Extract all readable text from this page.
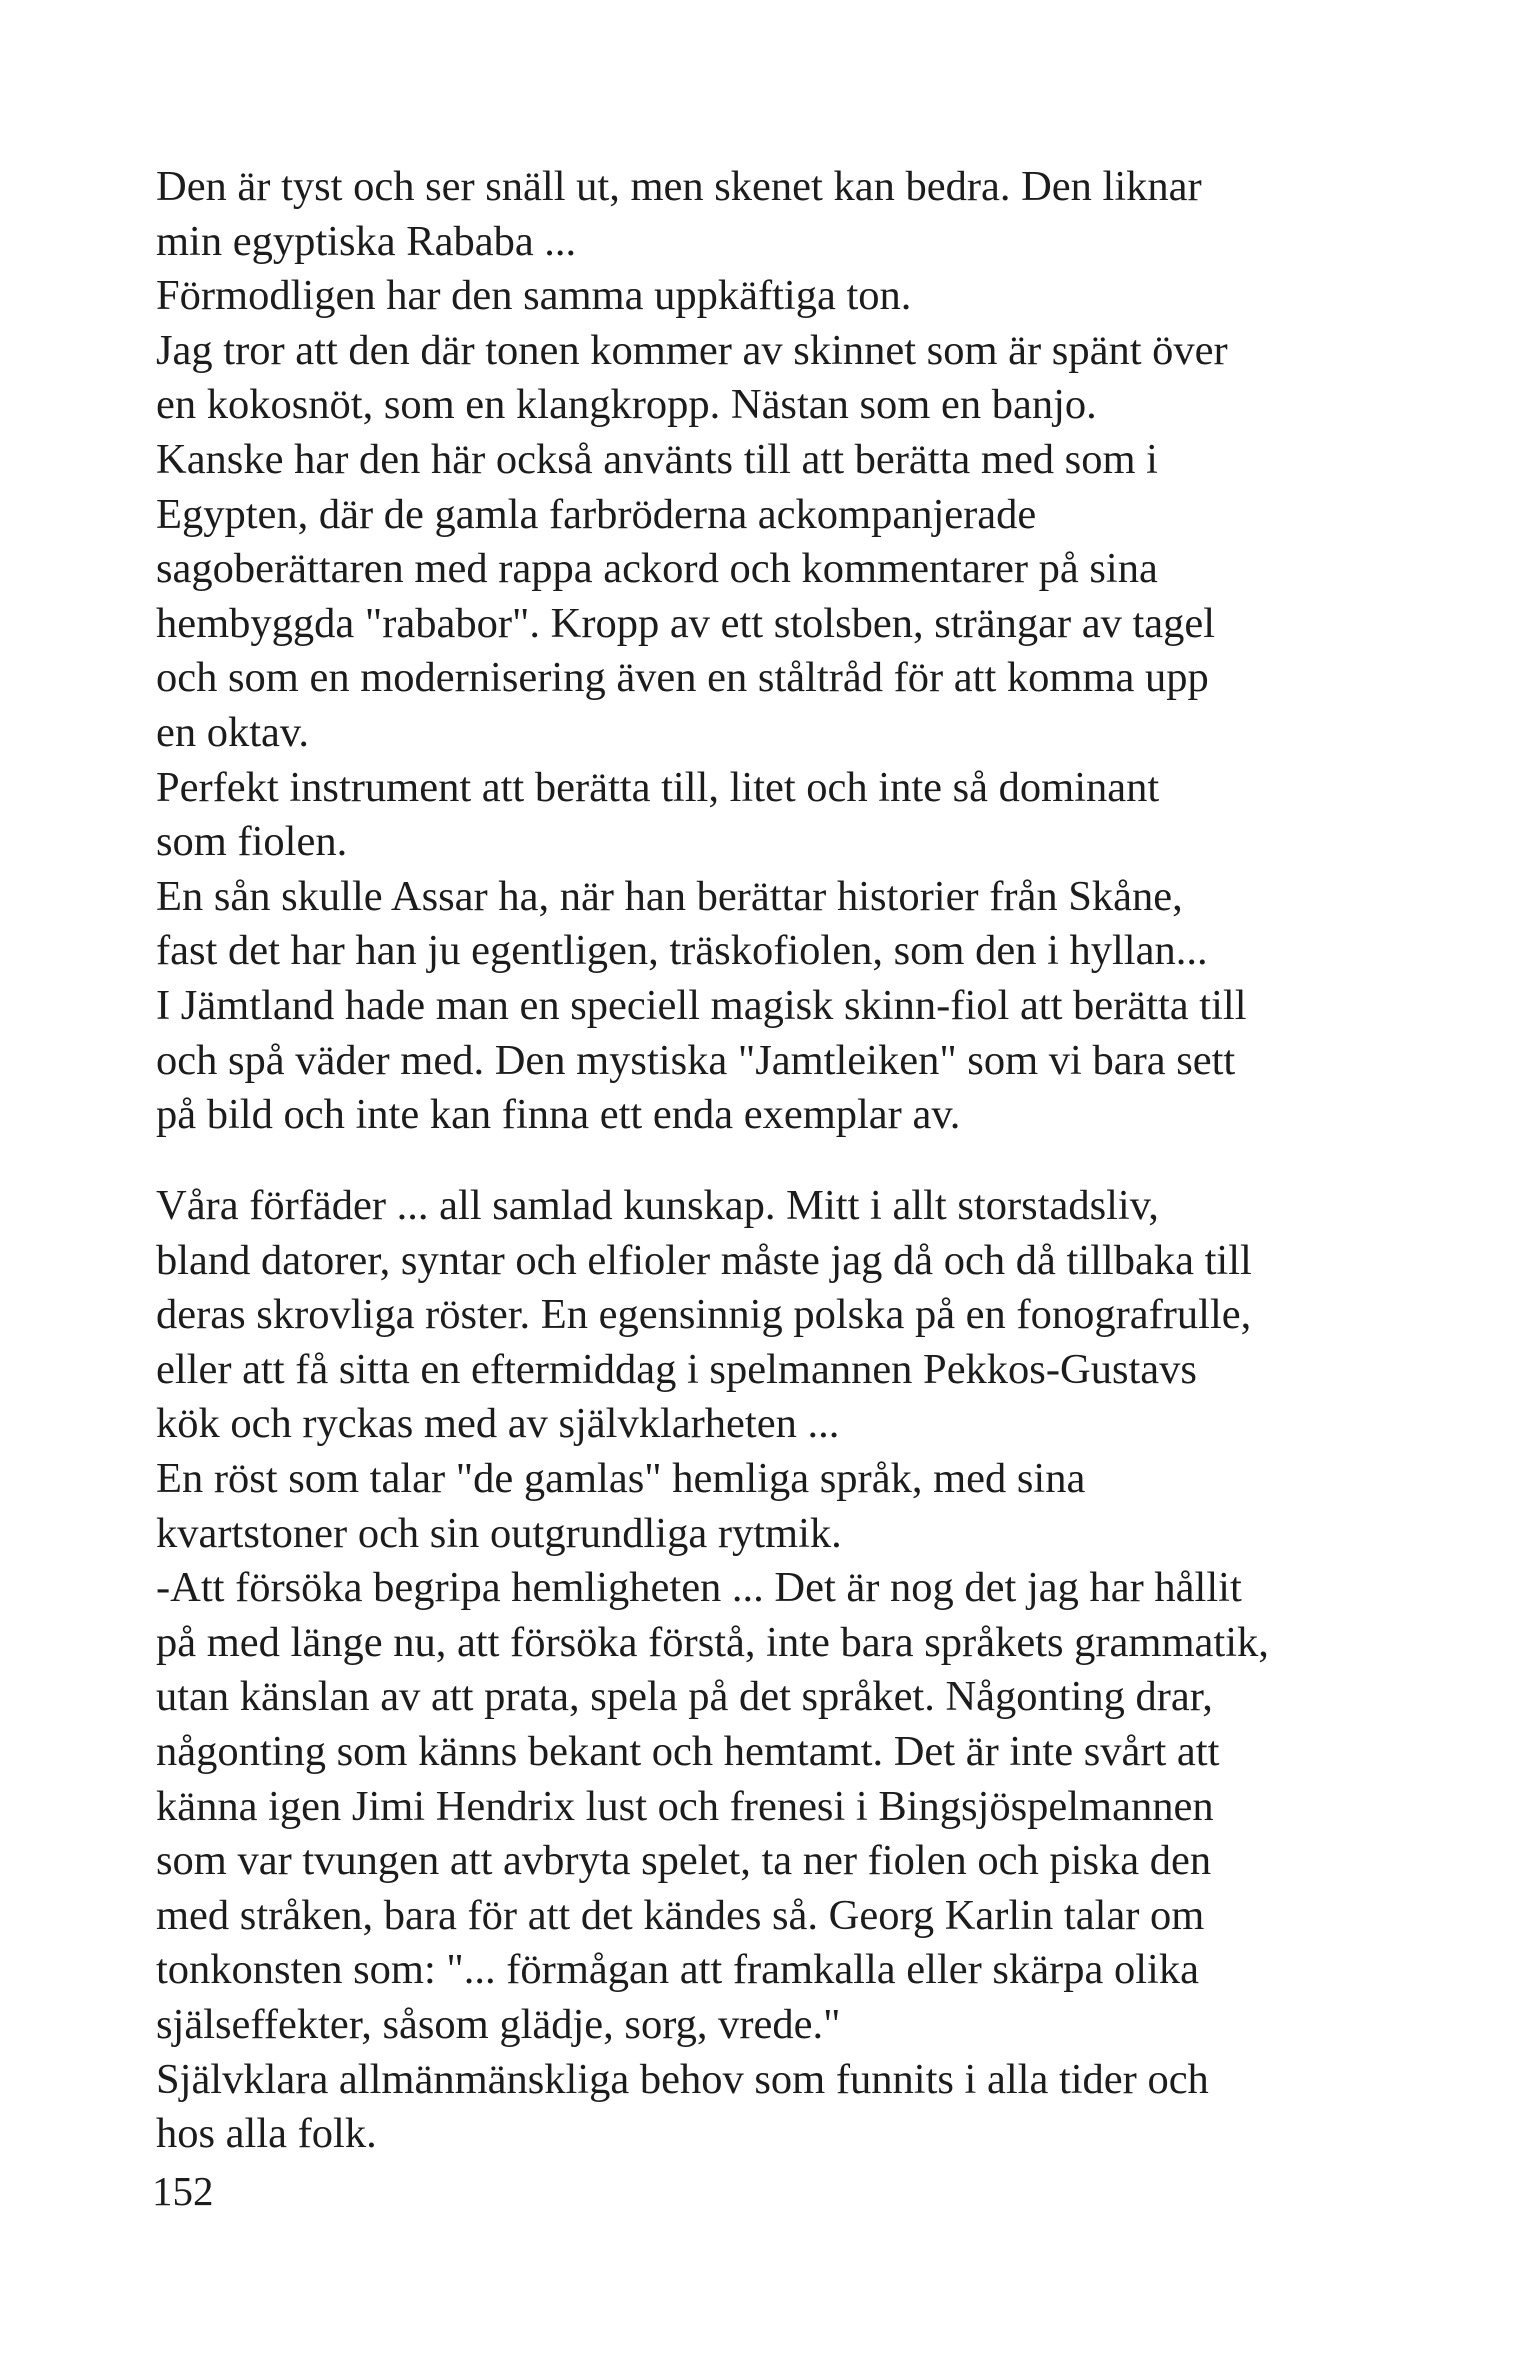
Den är tyst och ser snäll ut, men skenet kan bedra. Den liknar
min egyptiska Rababa ...
Förmodligen har den samma uppkäftiga ton.
Jag tror att den där tonen kommer av skinnet som är spänt över
en kokosnöt, som en klangkropp. Nästan som en banjo.
Kanske har den här också använts till att berätta med som i
Egypten, där de gamla farbröderna ackompanjerade
sagoberättaren med rappa ackord och kommentarer på sina
hembyggda "rababor". Kropp av ett stolsben, strängar av tagel
och som en modernisering även en ståltråd för att komma upp
en oktav.
Perfekt instrument att berätta till, litet och inte så dominant
som fiolen.
En sån skulle Assar ha, när han berättar historier från Skåne,
fast det har han ju egentligen, träskofiolen, som den i hyllan...
I Jämtland hade man en speciell magisk skinn-fiol att berätta till
och spå väder med. Den mystiska "Jamtleiken" som vi bara sett
på bild och inte kan finna ett enda exemplar av.

Våra förfäder ... all samlad kunskap. Mitt i allt storstadsliv,
bland datorer, syntar och elfioler måste jag då och då tillbaka till
deras skrovliga röster. En egensinnig polska på en fonografrulle,
eller att få sitta en eftermiddag i spelmannen Pekkos-Gustavs
kök och ryckas med av självklarheten ...
En röst som talar "de gamlas" hemliga språk, med sina
kvartstoner och sin outgrundliga rytmik.
-Att försöka begripa hemligheten ... Det är nog det jag har hållit
på med länge nu, att försöka förstå, inte bara språkets grammatik,
utan känslan av att prata, spela på det språket. Någonting drar,
någonting som känns bekant och hemtamt. Det är inte svårt att
känna igen Jimi Hendrix lust och frenesi i Bingsjöspelmannen
som var tvungen att avbryta spelet, ta ner fiolen och piska den
med stråken, bara för att det kändes så. Georg Karlin talar om
tonkonsten som: "... förmågan att framkalla eller skärpa olika
själseffekter, såsom glädje, sorg, vrede."
Självklara allmänmänskliga behov som funnits i alla tider och
hos alla folk.

152
